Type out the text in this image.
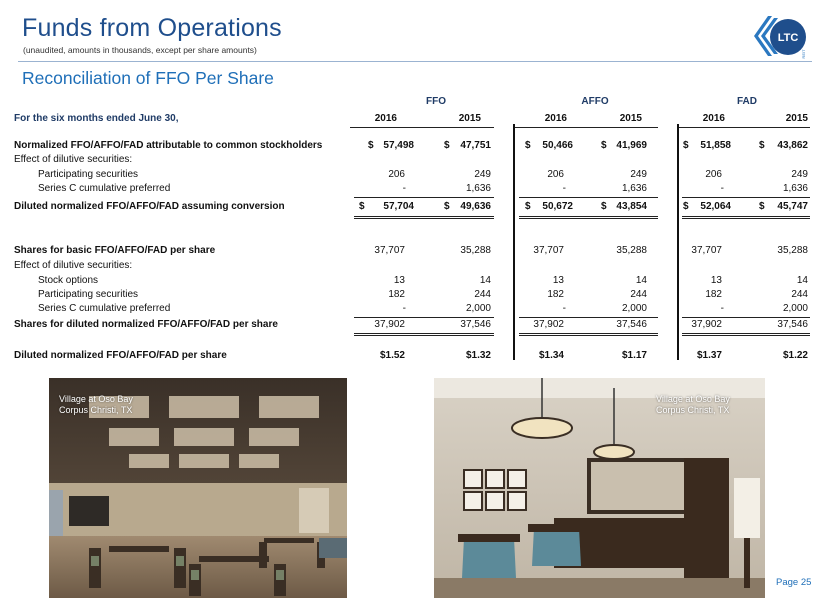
Funds from Operations
(unaudited, amounts in thousands, except per share amounts)
LTC
REIT
Reconciliation of FFO Per Share
FFO	AFFO	FAD
For the six months ended June 30,	2016	2015	2016	2015	2016	2015
Normalized FFO/AFFO/FAD attributable to common stockholders	$ 57,498	$	47,751	$	50,466	$ 41,969	$	51,858	$	43,862
Effect of dilutive securities:
Participating securities	206	249	206	249	206	249
Series C cumulative preferred	-	1,636	-	1,636	-	1,636
Diluted normalized FFO/AFFO/FAD assuming conversion	$	57,704	$	49,636	$	50,672	$ 43,854	$	52,064	$	45,747
Shares for basic FFO/AFFO/FAD per share	37,707	35,288	37,707	35,288	37,707	35,288
Effect of dilutive securities:
Stock options	13	14	13	14	13	14
Participating securities	182	244	182	244	182	244
Series C cumulative preferred	-	2,000	-	2,000	-	2,000
Shares for diluted normalized FFO/AFFO/FAD per share	37,902	37,546	37,902	37,546	37,902	37,546
Diluted normalized FFO/AFFO/FAD per share	$1.52	$1.32	$1.34	$1.17	$1.37	$1.22
Village at Oso Bay
Corpus Christi, TX
Village at Oso Bay
Corpus Christi, TX
Page 25
